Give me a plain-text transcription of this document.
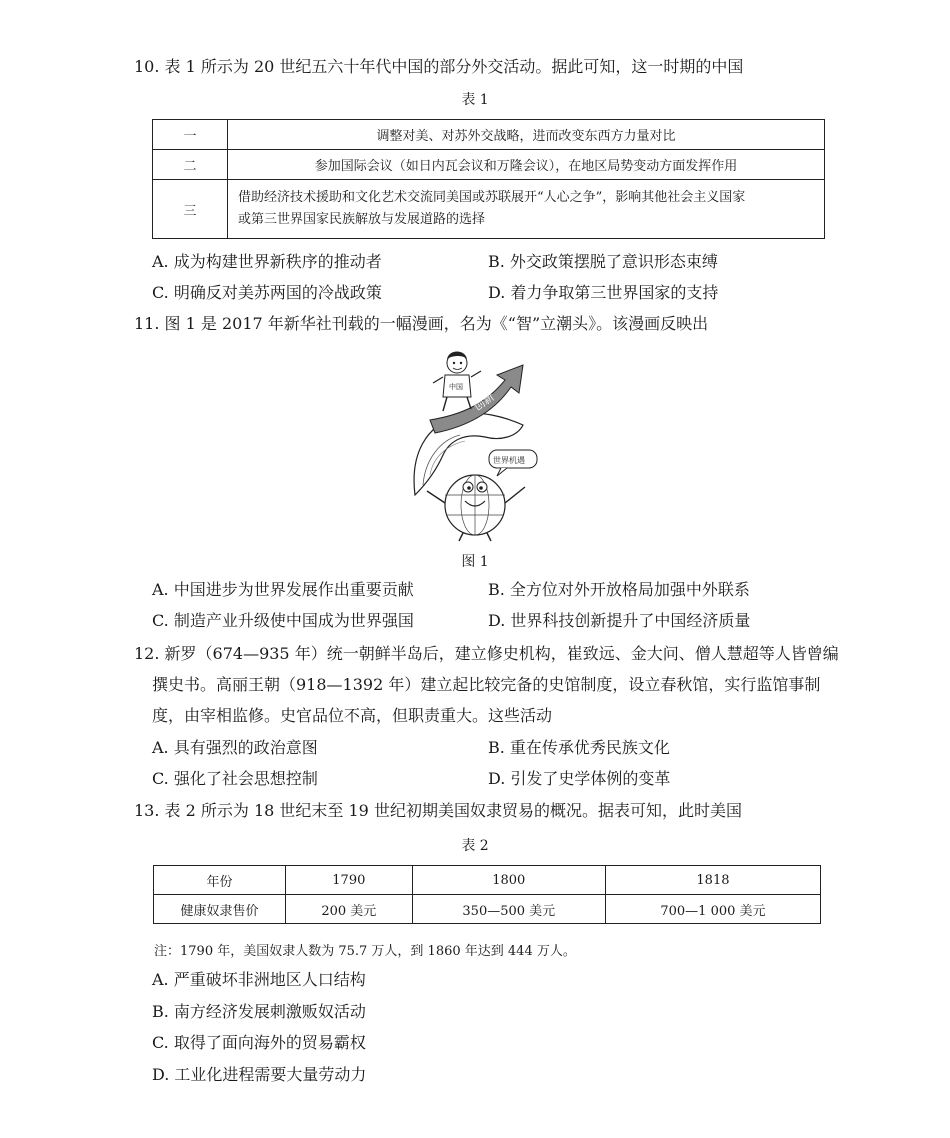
10. 表 1 所示为 20 世纪五六十年代中国的部分外交活动。据此可知，这一时期的中国
表 1
一	调整对美、对苏外交战略，进而改变东西方力量对比
二	参加国际会议（如日内瓦会议和万隆会议），在地区局势变动方面发挥作用
三	借助经济技术援助和文化艺术交流同美国或苏联展开“人心之争”，影响其他社会主义国家
或第三世界国家民族解放与发展道路的选择
A. 成为构建世界新秩序的推动者	B. 外交政策摆脱了意识形态束缚
C. 明确反对美苏两国的冷战政策	D. 着力争取第三世界国家的支持
11. 图 1 是 2017 年新华社刊载的一幅漫画，名为《“智”立潮头》。该漫画反映出
创新
中国
世界机遇
图 1
A. 中国进步为世界发展作出重要贡献	B. 全方位对外开放格局加强中外联系
C. 制造产业升级使中国成为世界强国	D. 世界科技创新提升了中国经济质量
12. 新罗（674—935 年）统一朝鲜半岛后，建立修史机构，崔致远、金大问、僧人慧超等人皆曾编
撰史书。高丽王朝（918—1392 年）建立起比较完备的史馆制度，设立春秋馆，实行监馆事制
度，由宰相监修。史官品位不高，但职责重大。这些活动
A. 具有强烈的政治意图	B. 重在传承优秀民族文化
C. 强化了社会思想控制	D. 引发了史学体例的变革
13. 表 2 所示为 18 世纪末至 19 世纪初期美国奴隶贸易的概况。据表可知，此时美国
表 2
年份	1790	1800	1818
健康奴隶售价	200 美元	350—500 美元	700—1 000 美元
注：1790 年，美国奴隶人数为 75.7 万人，到 1860 年达到 444 万人。
A. 严重破坏非洲地区人口结构
B. 南方经济发展刺激贩奴活动
C. 取得了面向海外的贸易霸权
D. 工业化进程需要大量劳动力
